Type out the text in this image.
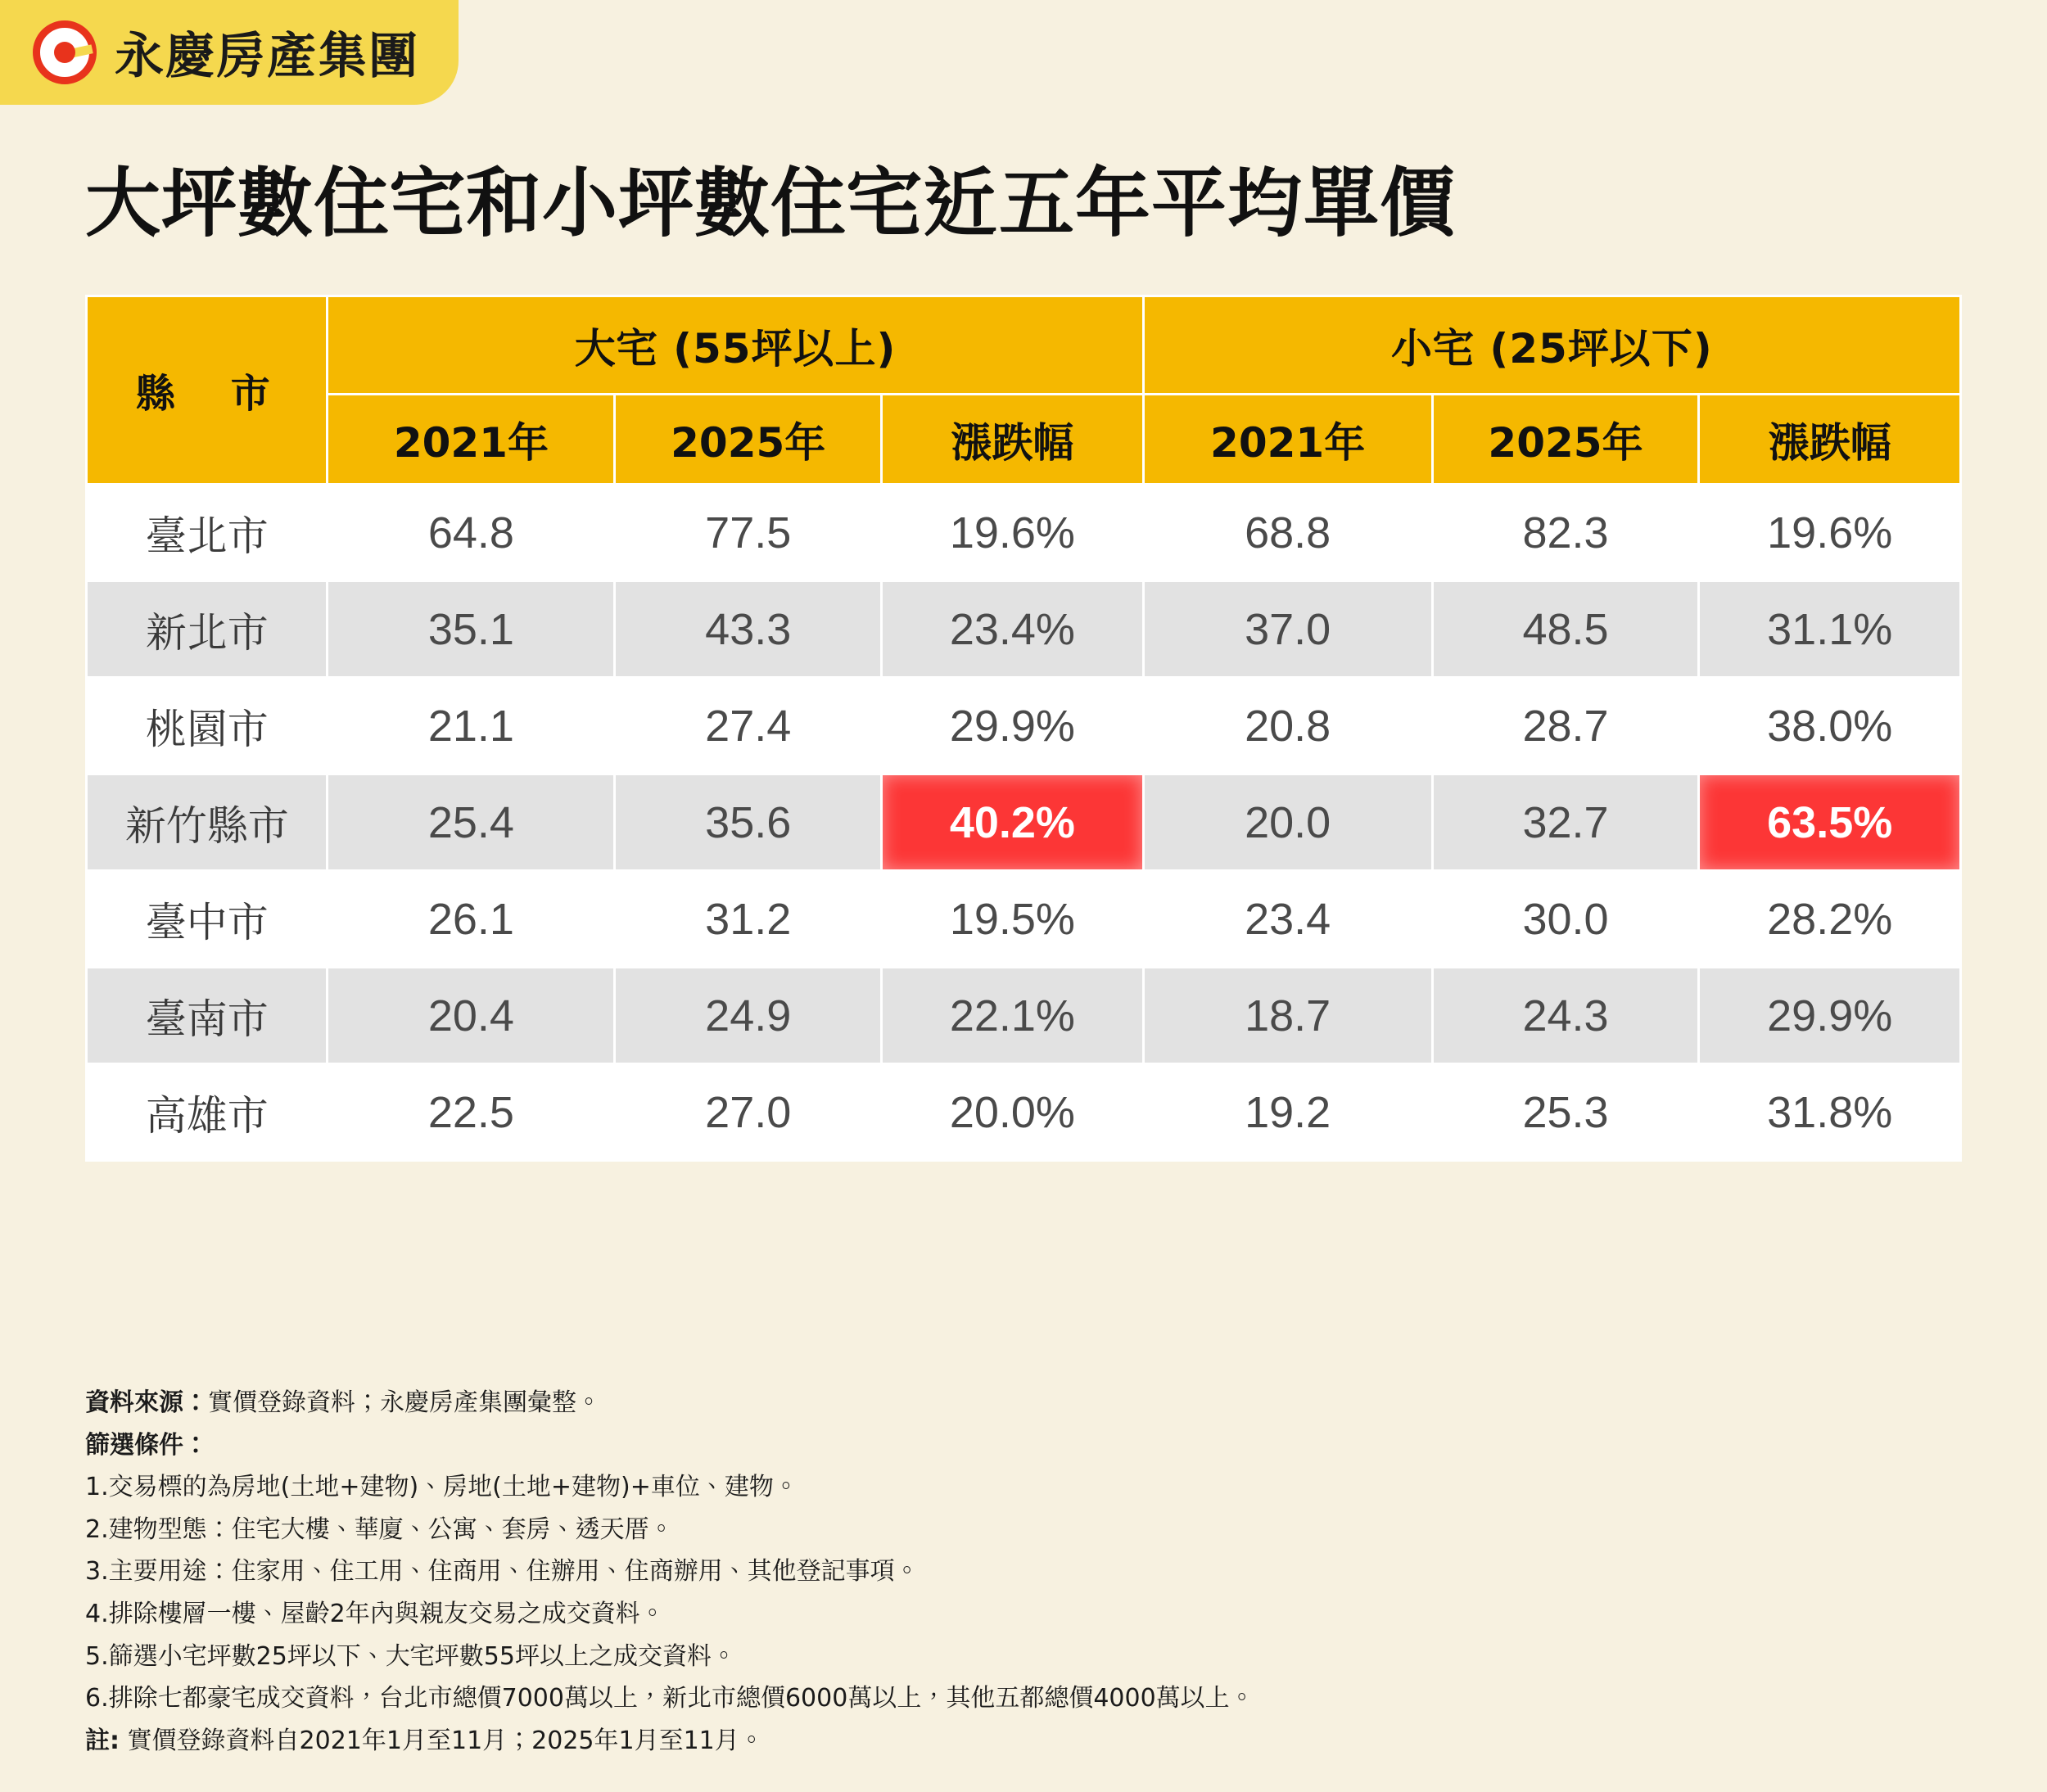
永慶房產集團
大坪數住宅和小坪數住宅近五年平均單價
縣　市	大宅 (55坪以上)			小宅 (25坪以下)		
	2021年	2025年	漲跌幅	2021年	2025年	漲跌幅
臺北市	64.8	77.5	19.6%	68.8	82.3	19.6%
新北市	35.1	43.3	23.4%	37.0	48.5	31.1%
桃園市	21.1	27.4	29.9%	20.8	28.7	38.0%
新竹縣市	25.4	35.6	40.2%	20.0	32.7	63.5%
臺中市	26.1	31.2	19.5%	23.4	30.0	28.2%
臺南市	20.4	24.9	22.1%	18.7	24.3	29.9%
高雄市	22.5	27.0	20.0%	19.2	25.3	31.8%

資料來源：實價登錄資料；永慶房產集團彙整。

篩選條件：

1.交易標的為房地(土地+建物)、房地(土地+建物)+車位、建物。

2.建物型態：住宅大樓、華廈、公寓、套房、透天厝。

3.主要用途：住家用、住工用、住商用、住辦用、住商辦用、其他登記事項。

4.排除樓層一樓、屋齡2年內與親友交易之成交資料。

5.篩選小宅坪數25坪以下、大宅坪數55坪以上之成交資料。

6.排除七都豪宅成交資料，台北市總價7000萬以上，新北市總價6000萬以上，其他五都總價4000萬以上。

註: 實價登錄資料自2021年1月至11月；2025年1月至11月。
